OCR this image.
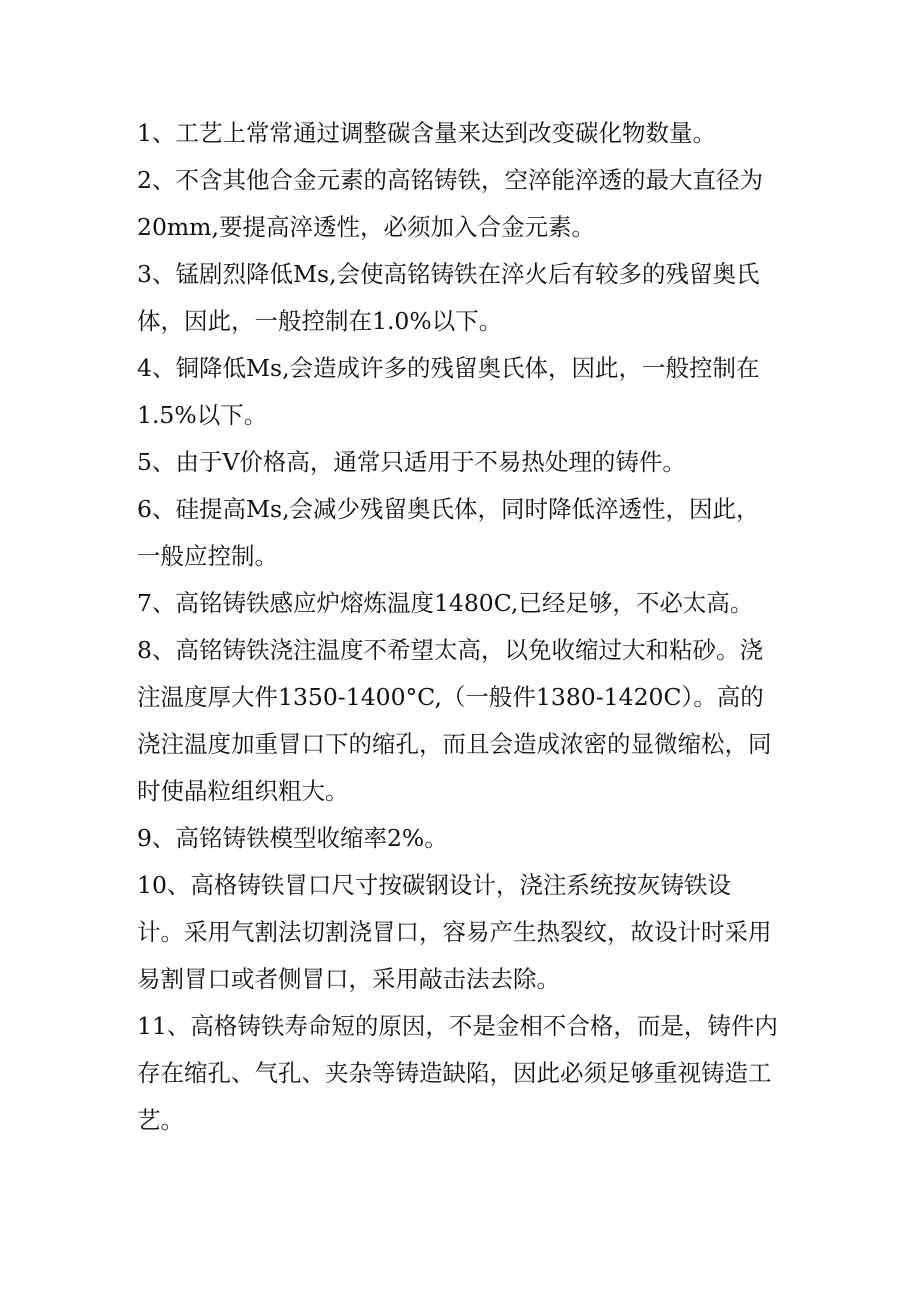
1、工艺上常常通过调整碳含量来达到改变碳化物数量。
2、不含其他合金元素的高铭铸铁，空淬能淬透的最大直径为
20mm,要提高淬透性，必须加入合金元素。
3、锰剧烈降低Ms,会使高铭铸铁在淬火后有较多的残留奥氏
体，因此，一般控制在1.0%以下。
4、铜降低Ms,会造成许多的残留奥氏体，因此，一般控制在
1.5%以下。
5、由于V价格高，通常只适用于不易热处理的铸件。
6、硅提高Ms,会减少残留奥氏体，同时降低淬透性，因此，
一般应控制。
7、高铭铸铁感应炉熔炼温度1480C,已经足够，不必太高。
8、高铭铸铁浇注温度不希望太高，以免收缩过大和粘砂。浇
注温度厚大件1350-1400°C,（一般件1380-1420C）。高的
浇注温度加重冒口下的缩孔，而且会造成浓密的显微缩松，同
时使晶粒组织粗大。
9、高铭铸铁模型收缩率2%。
10、高格铸铁冒口尺寸按碳钢设计，浇注系统按灰铸铁设
计。采用气割法切割浇冒口，容易产生热裂纹，故设计时采用
易割冒口或者侧冒口，采用敲击法去除。
11、高格铸铁寿命短的原因，不是金相不合格，而是，铸件内
存在缩孔、气孔、夹杂等铸造缺陷，因此必须足够重视铸造工
艺。
